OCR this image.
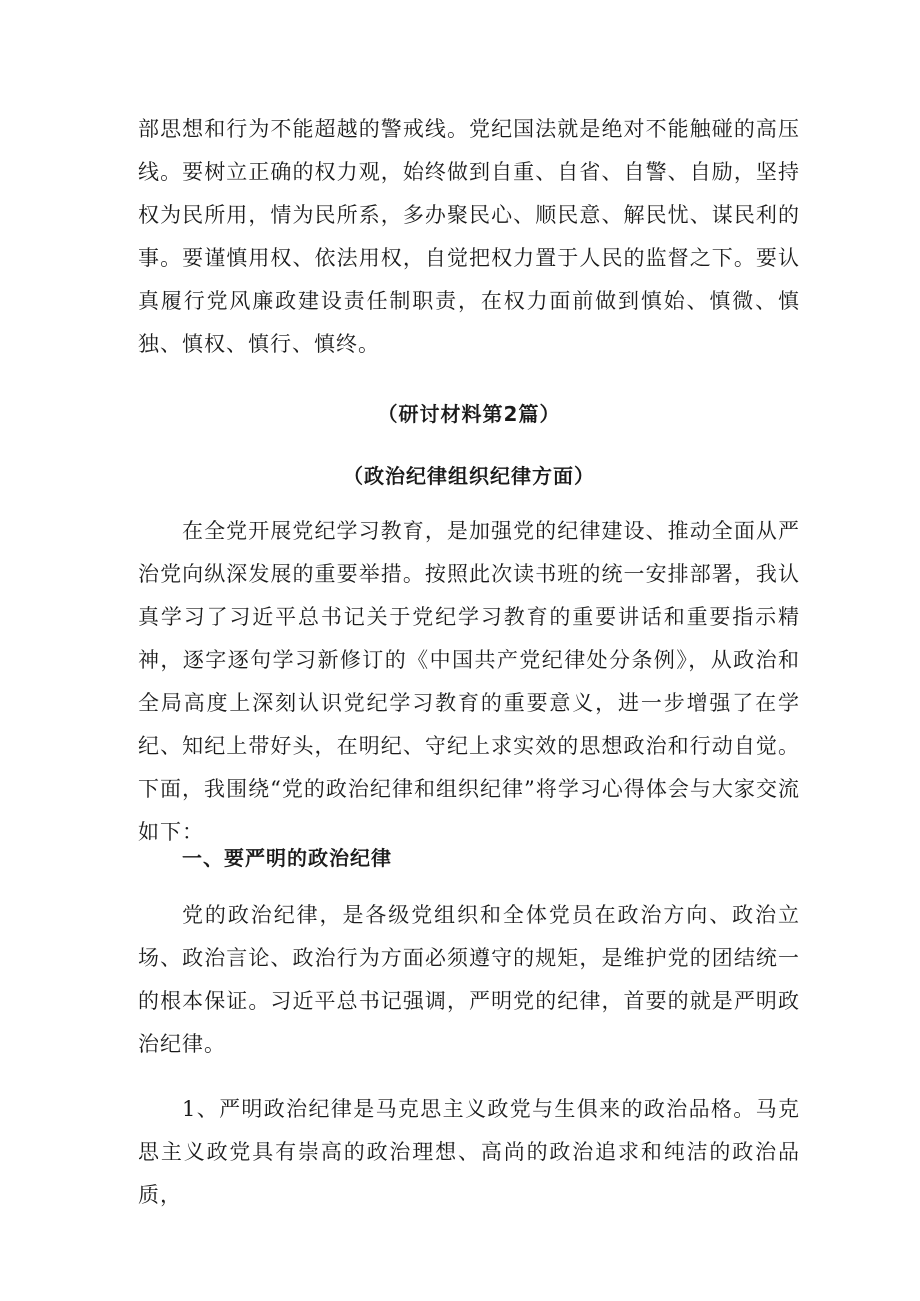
部思想和行为不能超越的警戒线。党纪国法就是绝对不能触碰的高压线。要树立正确的权力观，始终做到自重、自省、自警、自励，坚持权为民所用，情为民所系，多办聚民心、顺民意、解民忧、谋民利的事。要谨慎用权、依法用权，自觉把权力置于人民的监督之下。要认真履行党风廉政建设责任制职责，在权力面前做到慎始、慎微、慎独、慎权、慎行、慎终。

（研讨材料第2篇）

（政治纪律组织纪律方面）

在全党开展党纪学习教育，是加强党的纪律建设、推动全面从严治党向纵深发展的重要举措。按照此次读书班的统一安排部署，我认真学习了习近平总书记关于党纪学习教育的重要讲话和重要指示精神，逐字逐句学习新修订的《中国共产党纪律处分条例》，从政治和全局高度上深刻认识党纪学习教育的重要意义，进一步增强了在学纪、知纪上带好头，在明纪、守纪上求实效的思想政治和行动自觉。下面，我围绕“党的政治纪律和组织纪律”将学习心得体会与大家交流如下：

一、要严明的政治纪律

党的政治纪律，是各级党组织和全体党员在政治方向、政治立场、政治言论、政治行为方面必须遵守的规矩，是维护党的团结统一的根本保证。习近平总书记强调，严明党的纪律，首要的就是严明政治纪律。

1、严明政治纪律是马克思主义政党与生俱来的政治品格。马克思主义政党具有崇高的政治理想、高尚的政治追求和纯洁的政治品质，
